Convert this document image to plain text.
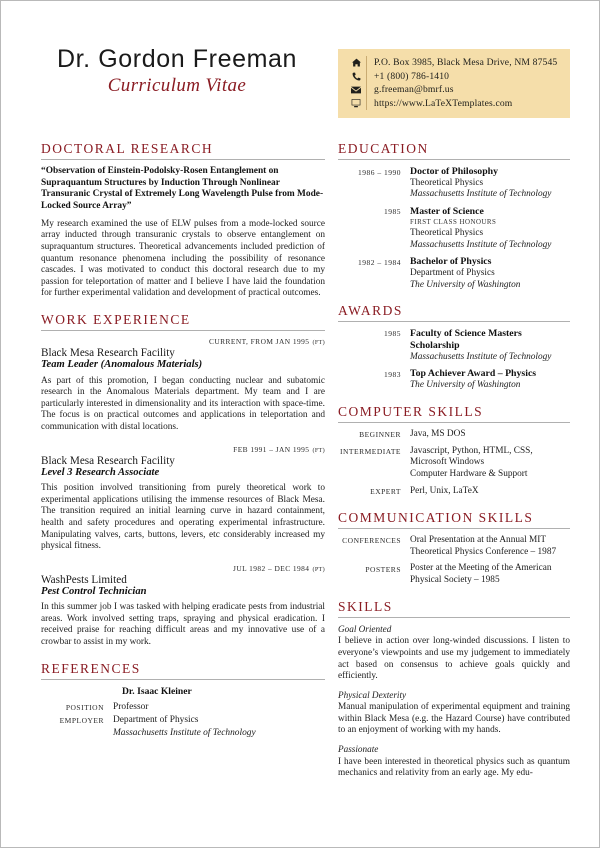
Dr. Gordon Freeman
Curriculum Vitae
P.O. Box 3985, Black Mesa Drive, NM 87545
+1 (800) 786-1410
g.freeman@bmrf.us
https://www.LaTeXTemplates.com
DOCTORAL RESEARCH
“Observation of Einstein-Podolsky-Rosen Entanglement on Supraquantum Structures by Induction Through Nonlinear Transuranic Crystal of Extremely Long Wavelength Pulse from Mode-Locked Source Array”
My research examined the use of ELW pulses from a mode-locked source array inducted through transuranic crystals to observe entanglement on supraquantum structures. Theoretical advancements included prediction of quantum resonance phenomena including the possibility of resonance cascades. I was motivated to conduct this doctoral research due to my passion for teleportation of matter and I believe I have laid the foundation for further experimental validation and development of practical outcomes.
WORK EXPERIENCE
CURRENT, FROM JAN 1995 (FT)
Black Mesa Research Facility
Team Leader (Anomalous Materials)
As part of this promotion, I began conducting nuclear and subatomic research in the Anomalous Materials department. My team and I are particularly interested in dimensionality and its interaction with space-time. The focus is on practical outcomes and applications in teleportation and communication with distal locations.
FEB 1991 – JAN 1995 (FT)
Black Mesa Research Facility
Level 3 Research Associate
This position involved transitioning from purely theoretical work to experimental applications utilising the immense resources of Black Mesa. The transition required an initial learning curve in hazard containment, health and safety procedures and operating experimental infrastructure. Manipulating valves, carts, buttons, levers, etc considerably increased my physical fitness.
JUL 1982 – DEC 1984 (PT)
WashPests Limited
Pest Control Technician
In this summer job I was tasked with helping eradicate pests from industrial areas. Work involved setting traps, spraying and physical eradication. I received praise for reaching difficult areas and my innovative use of a crowbar to assist in my work.
REFERENCES
Dr. Isaac Kleiner
POSITION Professor
EMPLOYER Department of Physics
Massachusetts Institute of Technology
EDUCATION
1986 – 1990 Doctor of Philosophy
Theoretical Physics
Massachusetts Institute of Technology
1985 Master of Science
FIRST CLASS HONOURS
Theoretical Physics
Massachusetts Institute of Technology
1982 – 1984 Bachelor of Physics
Department of Physics
The University of Washington
AWARDS
1985 Faculty of Science Masters Scholarship
Massachusetts Institute of Technology
1983 Top Achiever Award – Physics
The University of Washington
COMPUTER SKILLS
BEGINNER Java, MS DOS
INTERMEDIATE Javascript, Python, HTML, CSS,
Microsoft Windows
Computer Hardware & Support
EXPERT Perl, Unix, LaTeX
COMMUNICATION SKILLS
CONFERENCES Oral Presentation at the Annual MIT
Theoretical Physics Conference – 1987
POSTERS Poster at the Meeting of the American
Physical Society – 1985
SKILLS
Goal Oriented
I believe in action over long-winded discussions. I listen to everyone’s viewpoints and use my judgement to immediately act based on consensus to achieve goals quickly and efficiently.
Physical Dexterity
Manual manipulation of experimental equipment and training within Black Mesa (e.g. the Hazard Course) have contributed to an enjoyment of working with my hands.
Passionate
I have been interested in theoretical physics such as quantum mechanics and relativity from an early age. My edu-
